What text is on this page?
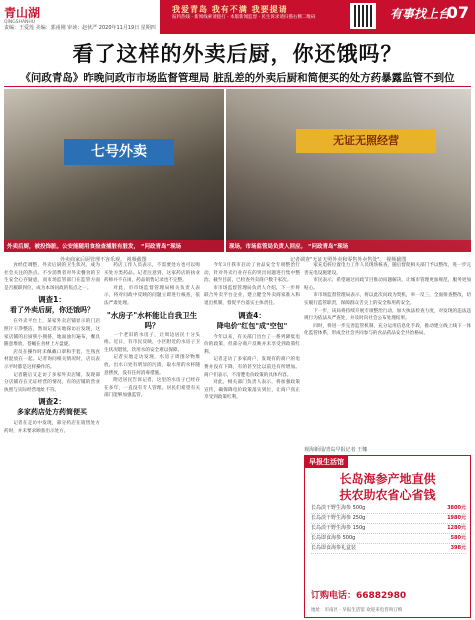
青山湖
QINGSHANHU
责编：王爱莲 美编：郭甫刚 审读：赵伙严 2020年11月19日 星期四
我爱青岛 我有不满 我要提请
报料热线 · 新闻线索请拨打 · 本版新闻监督 · 民生诉求请扫描右侧二维码	有事找上台
07
看了这样的外卖后厨，你还饿吗？
《问政青岛》昨晚问政市市场监督管理局 脏乱差的外卖后厨和简便买的处方药暴露监管不到位
七号外卖
外卖后厨，被投饰脏。公安能随用食捡查捕脏有脏发， “问政青岛”现场
无证无照经营
现场，市场监管局负责人回应。 “问政青岛”现场
外卖商家后厨管理不容乐观。 视频截图	记者调查"无证无照外卖和零售外卖售处"。 视频截图

食经佳调整，外卖后厨的卫生状况，成为社会关注的热点。不少消费者对外卖餐食的卫生安全心存疑虑，而市场监管部门在监管方面是否履职到位，成为本场问政的焦点之一。

调查1：
看了外卖后厨，你还饿吗？

在外卖平台上，某家外卖店铺显示的门店照片干净整洁，然而记者实地探访后发现，这家店铺的后厨狭小拥挤，地面油污遍布，餐具随意堆放，苍蝇在食材上方盘旋。

店员在操作时未佩戴口罩和手套，生熟食材混放在一起。记者询问相关情况时，店员表示平时都是这样操作的。

记者随后又走访了多家外卖店铺，发现部分店铺存在无证经营的情况，有的店铺的营业执照与实际经营地址不符。

调查2：
多家药店处方药简便买

记者在走访中发现，部分药店在销售处方药时，并未要求顾客出示处方。

药店工作人员表示，不需要处方也可以购买处方类药品。记者注意到，这家药店的执业药师并不在岗，药品销售记录也不完整。

对此，市市场监督管理局相关负责人表示，将对问政中反映的问题立即进行核查，依法严肃处理。

"水房子"水杯能让自我卫生吗？

一个老旧的水房子，让周边居民十分头疼。近日，有市民反映，小区附近的水房子卫生状况堪忧，饮用水的安全难以保障。

记者实地走访发现，水房子周围杂物堆放，出水口处有明显的污渍，取水用的水杯随意摆放，没有任何消毒措施。

附近居民告诉记者，这里的水房子已经存在多年，一直没有专人管理。居民们希望有关部门能够加强监管。

今年3月我市启动了食品安全专项整治行动，针对外卖行业存在的突出问题进行集中整治。截至目前，已检查外卖商户数千家次。

市市场监督管理局负责人介绍，下一步将联合外卖平台企业，建立健全外卖商家准入和退出机制，督促平台落实主体责任。

调查4：
降电价"红包"成"空包"

今年以来，有关部门出台了一系列降低电价的政策，但部分商户反映并未享受到政策红利。

记者走访了多家商户，发现有的商户的电费并没有下降，有的甚至比以前还有所增加。商户们表示，不清楚电价政策的具体内容。

对此，相关部门负责人表示，将加强政策宣传，确保降电价政策落实到位，让商户真正享受到政策红利。

家充电桩位置电力工作人员现场核查，随后督促相关部门予以整改，进一步完善充电设施建设。

市民表示，希望通过问政节目推动问题解决，让城市管理更加规范，服务更加贴心。

市市场监督管理局表示，将以此次问政为契机，举一反三，全面排查整改，切实履行监管职责，保障群众舌尖上的安全和用药安全。

下一步，该局将持续开展专项整治行动，加大执法检查力度，对发现的违法违规行为依法从严查处，并及时向社会公布处理结果。

同时，将进一步完善监管机制，充分运用信息化手段，推动建立线上线下一体化监管体系，形成全社会共同参与的食品药品安全共治格局。

观海新闻/青岛早报记者 王娜
早报生活馆
长岛海参产地直供
扶农助农省心省钱
长岛淡干野生海参 500g	3800元
长岛淡干野生海参 250g	1980元
长岛淡干野生海参 150g	1280元
长岛即食海参 500g	580元
长岛即食海参礼盒装	398元
订购电话：66882980
地址：市南区 · 早报生活馆 欢迎来电咨询订购
